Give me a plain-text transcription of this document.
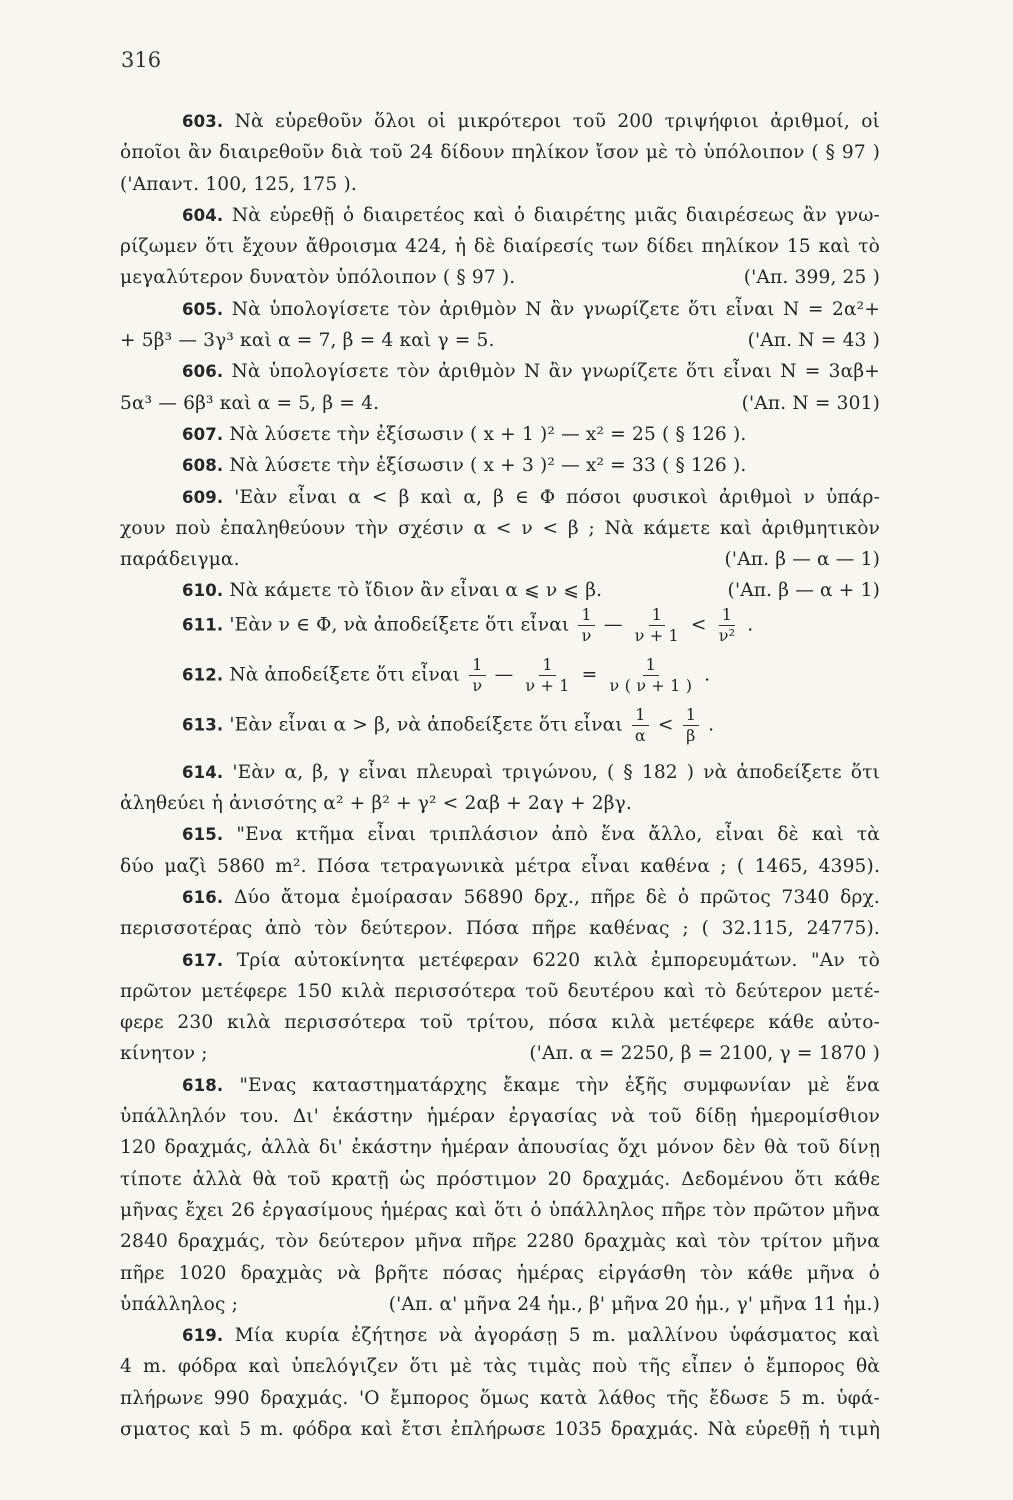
316
603. Νὰ εὑρεθοῦν ὅλοι οἱ μικρότεροι τοῦ 200 τριψήφιοι ἀριθμοί, οἱ
ὁποῖοι ἂν διαιρεθοῦν διὰ τοῦ 24 δίδουν πηλίκον ἴσον μὲ τὸ ὑπόλοιπον ( § 97 )
('Απαντ. 100, 125, 175 ).
604. Νὰ εὑρεθῇ ὁ διαιρετέος καὶ ὁ διαιρέτης μιᾶς διαιρέσεως ἂν γνω-
ρίζωμεν ὅτι ἔχουν ἄθροισμα 424, ἡ δὲ διαίρεσίς των δίδει πηλίκον 15 καὶ τὸ
μεγαλύτερον δυνατὸν ὑπόλοιπον ( § 97 ).	('Απ. 399, 25 )
605. Νὰ ὑπολογίσετε τὸν ἀριθμὸν Ν ἂν γνωρίζετε ὅτι εἶναι Ν = 2α²+
+ 5β³ — 3γ³ καὶ α = 7, β = 4 καὶ γ = 5.	('Απ. Ν = 43 )
606. Νὰ ὑπολογίσετε τὸν ἀριθμὸν Ν ἂν γνωρίζετε ὅτι εἶναι Ν = 3αβ+
5α³ — 6β³ καὶ α = 5, β = 4.	('Απ. Ν = 301)
607. Νὰ λύσετε τὴν ἐξίσωσιν ( x + 1 )² — x² = 25 ( § 126 ).
608. Νὰ λύσετε τὴν ἐξίσωσιν ( x + 3 )² — x² = 33 ( § 126 ).
609. 'Εὰν εἶναι α < β καὶ α, β ∈ Φ πόσοι φυσικοὶ ἀριθμοὶ ν ὑπάρ-
χουν ποὺ ἐπαληθεύουν τὴν σχέσιν α < ν < β ; Νὰ κάμετε καὶ ἀριθμητικὸν
παράδειγμα.	('Απ. β — α — 1)
610. Νὰ κάμετε τὸ ἴδιον ἂν εἶναι α ⩽ ν ⩽ β.	('Απ. β — α + 1)
611. 'Εὰν ν ∈ Φ, νὰ ἀποδείξετε ὅτι εἶναι $\frac{1}{\nu}$ — $\frac{1}{\nu + 1} < \frac{1}{\text{ν²}}$ .
612. Νὰ ἀποδείξετε ὅτι εἶναι $\frac{1}{\nu}$ — $\frac{1}{\nu + 1} = \frac{1}{\nu ( \nu + 1 )}$ .
613. 'Εὰν εἶναι α > β, νὰ ἀποδείξετε ὅτι εἶναι $\frac{1}{\alpha} < \frac{1}{\beta}$ .
614. 'Εὰν α, β, γ εἶναι πλευραὶ τριγώνου, ( § 182 ) νὰ ἀποδείξετε ὅτι
ἀληθεύει ἡ ἀνισότης α² + β² + γ² < 2αβ + 2αγ + 2βγ.
615. "Ενα κτῆμα εἶναι τριπλάσιον ἀπὸ ἕνα ἄλλο, εἶναι δὲ καὶ τὰ
δύο μαζὶ 5860 m². Πόσα τετραγωνικὰ μέτρα εἶναι καθένα ; ( 1465, 4395).
616. Δύο ἄτομα ἐμοίρασαν 56890 δρχ., πῆρε δὲ ὁ πρῶτος 7340 δρχ.
περισσοτέρας ἀπὸ τὸν δεύτερον. Πόσα πῆρε καθένας ; ( 32.115, 24775).
617. Τρία αὐτοκίνητα μετέφεραν 6220 κιλὰ ἐμπορευμάτων. "Αν τὸ
πρῶτον μετέφερε 150 κιλὰ περισσότερα τοῦ δευτέρου καὶ τὸ δεύτερον μετέ-
φερε 230 κιλὰ περισσότερα τοῦ τρίτου, πόσα κιλὰ μετέφερε κάθε αὐτο-
κίνητον ;	('Απ. α = 2250, β = 2100, γ = 1870 )
618. "Ενας καταστηματάρχης ἔκαμε τὴν ἑξῆς συμφωνίαν μὲ ἕνα
ὑπάλληλόν του. Δι' ἑκάστην ἡμέραν ἐργασίας νὰ τοῦ δίδῃ ἡμερομίσθιον
120 δραχμάς, ἀλλὰ δι' ἑκάστην ἡμέραν ἀπουσίας ὄχι μόνον δὲν θὰ τοῦ δίνῃ
τίποτε ἀλλὰ θὰ τοῦ κρατῇ ὡς πρόστιμον 20 δραχμάς. Δεδομένου ὅτι κάθε
μῆνας ἔχει 26 ἐργασίμους ἡμέρας καὶ ὅτι ὁ ὑπάλληλος πῆρε τὸν πρῶτον μῆνα
2840 δραχμάς, τὸν δεύτερον μῆνα πῆρε 2280 δραχμὰς καὶ τὸν τρίτον μῆνα
πῆρε 1020 δραχμὰς νὰ βρῆτε πόσας ἡμέρας εἰργάσθη τὸν κάθε μῆνα ὁ
ὑπάλληλος ;	('Απ. α' μῆνα 24 ἡμ., β' μῆνα 20 ἡμ., γ' μῆνα 11 ἡμ.)
619. Μία κυρία ἐζήτησε νὰ ἀγοράσῃ 5 m. μαλλίνου ὑφάσματος καὶ
4 m. φόδρα καὶ ὑπελόγιζεν ὅτι μὲ τὰς τιμὰς ποὺ τῆς εἶπεν ὁ ἔμπορος θὰ
πλήρωνε 990 δραχμάς. 'Ο ἔμπορος ὅμως κατὰ λάθος τῆς ἔδωσε 5 m. ὑφά-
σματος καὶ 5 m. φόδρα καὶ ἔτσι ἐπλήρωσε 1035 δραχμάς. Νὰ εὑρεθῇ ἡ τιμὴ
